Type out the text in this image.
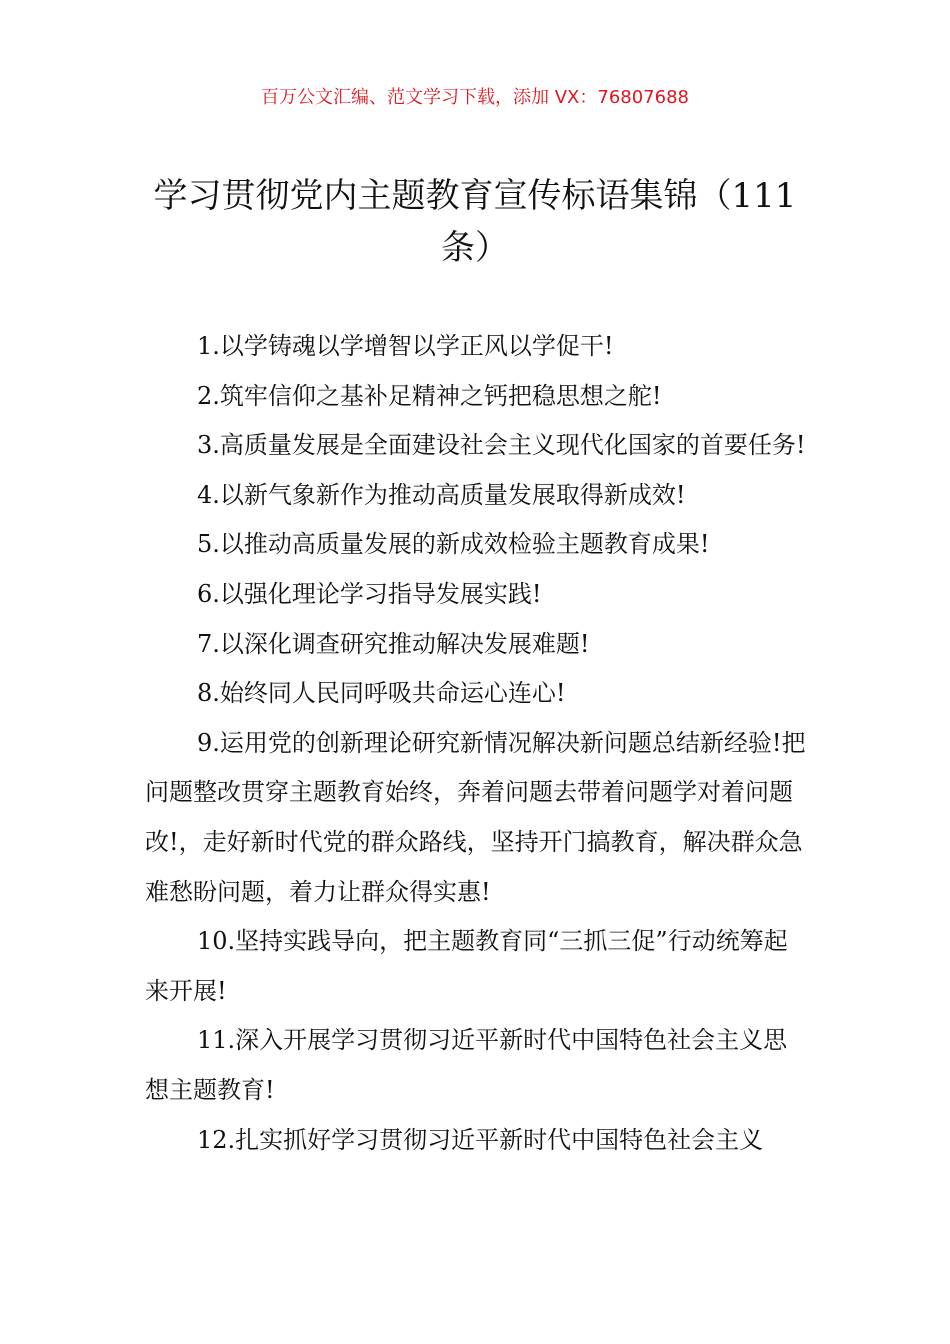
百万公文汇编、范文学习下载，添加 VX：76807688
学习贯彻党内主题教育宣传标语集锦（111 条）

1.以学铸魂以学增智以学正风以学促干!

2.筑牢信仰之基补足精神之钙把稳思想之舵!

3.高质量发展是全面建设社会主义现代化国家的首要任务!

4.以新气象新作为推动高质量发展取得新成效!

5.以推动高质量发展的新成效检验主题教育成果!

6.以强化理论学习指导发展实践!

7.以深化调查研究推动解决发展难题!

8.始终同人民同呼吸共命运心连心!

9.运用党的创新理论研究新情况解决新问题总结新经验!把问题整改贯穿主题教育始终，奔着问题去带着问题学对着问题改!，走好新时代党的群众路线，坚持开门搞教育，解决群众急难愁盼问题，着力让群众得实惠!

10.坚持实践导向，把主题教育同“三抓三促”行动统筹起来开展!

11.深入开展学习贯彻习近平新时代中国特色社会主义思想主题教育!

12.扎实抓好学习贯彻习近平新时代中国特色社会主义
